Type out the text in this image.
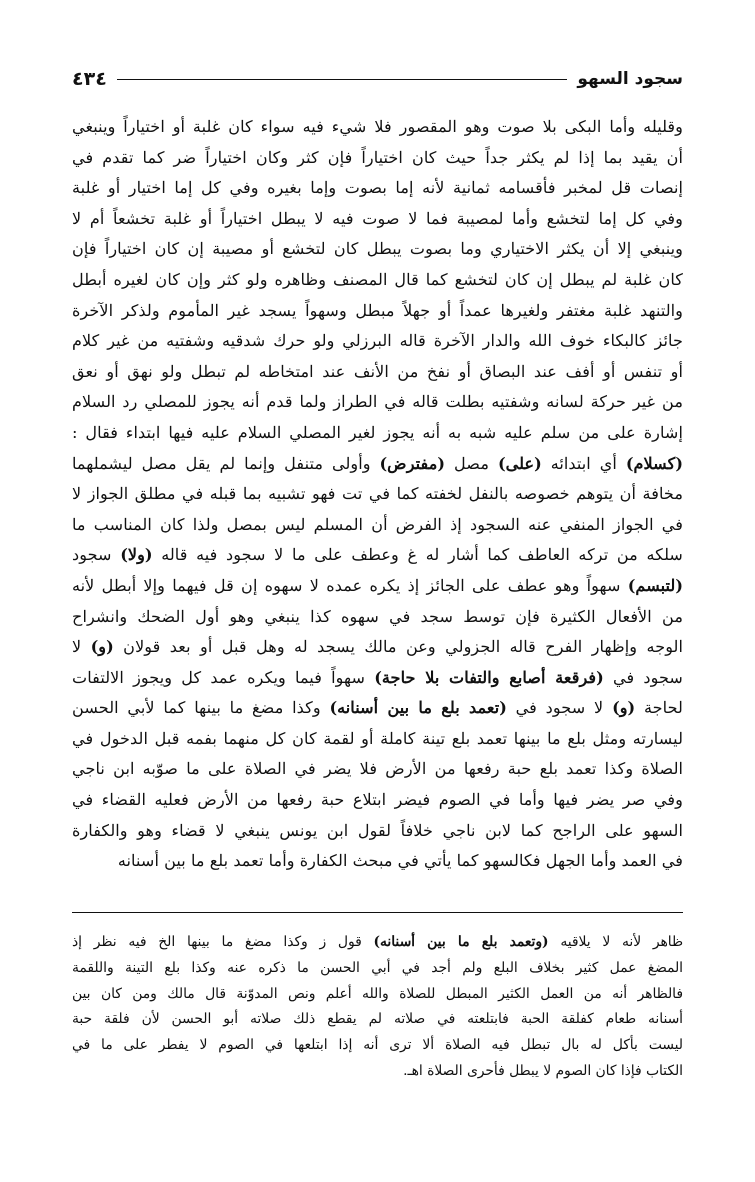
سجود السهو
٤٣٤
وقليله وأما البكى بلا صوت وهو المقصور فلا شيء فيه سواء كان غلبة أو اختياراً وينبغي
أن يقيد بما إذا لم يكثر جداً حيث كان اختياراً فإن كثر وكان اختياراً ضر كما تقدم في
إنصات قل لمخبر فأقسامه ثمانية لأنه إما بصوت وإما بغيره وفي كل إما اختيار أو غلبة
وفي كل إما لتخشع وأما لمصيبة فما لا صوت فيه لا يبطل اختياراً أو غلبة تخشعاً أم لا
وينبغي إلا أن يكثر الاختياري وما بصوت يبطل كان لتخشع أو مصيبة إن كان اختياراً فإن
كان غلبة لم يبطل إن كان لتخشع كما قال المصنف وظاهره ولو كثر وإن كان لغيره أبطل
والتنهد غلبة مغتفر ولغيرها عمداً أو جهلاً مبطل وسهواً يسجد غير المأموم ولذكر الآخرة
جائز كالبكاء خوف الله والدار الآخرة قاله البرزلي ولو حرك شدقيه وشفتيه من غير كلام
أو تنفس أو أفف عند البصاق أو نفخ من الأنف عند امتخاطه لم تبطل ولو نهق أو نعق
من غير حركة لسانه وشفتيه بطلت قاله في الطراز ولما قدم أنه يجوز للمصلي رد السلام
إشارة على من سلم عليه شبه به أنه يجوز لغير المصلي السلام عليه فيها ابتداء فقال :
(كسلام) أي ابتدائه (على) مصل (مفترض) وأولى متنفل وإنما لم يقل مصل ليشملهما
مخافة أن يتوهم خصوصه بالنفل لخفته كما في تت فهو تشبيه بما قبله في مطلق الجواز لا
في الجواز المنفي عنه السجود إذ الفرض أن المسلم ليس بمصل ولذا كان المناسب ما
سلكه من تركه العاطف كما أشار له غ وعطف على ما لا سجود فيه قاله (ولا) سجود
(لتبسم) سهواً وهو عطف على الجائز إذ يكره عمده لا سهوه إن قل فيهما وإلا أبطل لأنه
من الأفعال الكثيرة فإن توسط سجد في سهوه كذا ينبغي وهو أول الضحك وانشراح
الوجه وإظهار الفرح قاله الجزولي وعن مالك يسجد له وهل قبل أو بعد قولان (و) لا
سجود في (فرقعة أصابع والتفات بلا حاجة) سهواً فيما ويكره عمد كل ويجوز الالتفات
لحاجة (و) لا سجود في (تعمد بلع ما بين أسنانه) وكذا مضغ ما بينها كما لأبي الحسن
ليسارته ومثل بلع ما بينها تعمد بلع تينة كاملة أو لقمة كان كل منهما بفمه قبل الدخول في
الصلاة وكذا تعمد بلع حبة رفعها من الأرض فلا يضر في الصلاة على ما صوّبه ابن ناجي
وفي صر يضر فيها وأما في الصوم فيضر ابتلاع حبة رفعها من الأرض فعليه القضاء في
السهو على الراجح كما لابن ناجي خلافاً لقول ابن يونس ينبغي لا قضاء وهو والكفارة
في العمد وأما الجهل فكالسهو كما يأتي في مبحث الكفارة وأما تعمد بلع ما بين أسنانه
ظاهر لأنه لا يلاقيه (وتعمد بلع ما بين أسنانه) قول ز وكذا مضغ ما بينها الخ فيه نظر إذ
المضغ عمل كثير بخلاف البلع ولم أجد في أبي الحسن ما ذكره عنه وكذا بلع التينة واللقمة
فالظاهر أنه من العمل الكثير المبطل للصلاة والله أعلم ونص المدوّنة قال مالك ومن كان بين
أسنانه طعام كفلقة الحبة فابتلعته في صلاته لم يقطع ذلك صلاته أبو الحسن لأن فلقة حبة
ليست بأكل له بال تبطل فيه الصلاة ألا ترى أنه إذا ابتلعها في الصوم لا يفطر على ما في
الكتاب فإذا كان الصوم لا يبطل فأحرى الصلاة اهـ.
